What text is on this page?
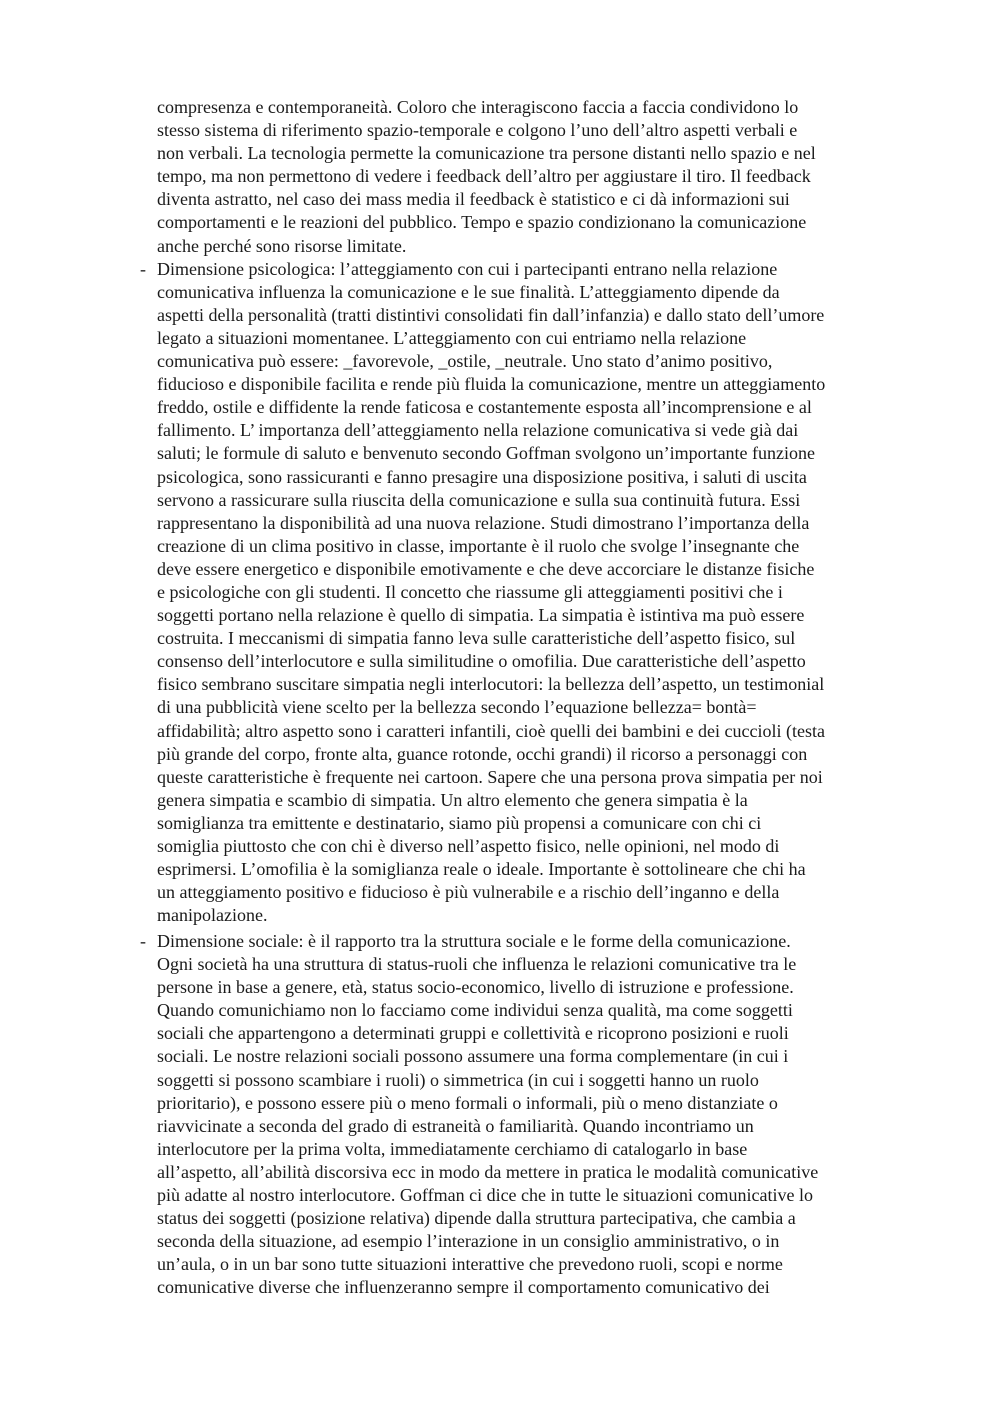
compresenza e contemporaneità. Coloro che interagiscono faccia a faccia condividono lo
stesso sistema di riferimento spazio-temporale e colgono l’uno dell’altro aspetti verbali e
non verbali. La tecnologia permette la comunicazione tra persone distanti nello spazio e nel
tempo, ma non permettono di vedere i feedback dell’altro per aggiustare il tiro. Il feedback
diventa astratto, nel caso dei mass media il feedback è statistico e ci dà informazioni sui
comportamenti e le reazioni del pubblico. Tempo e spazio condizionano la comunicazione
anche perché sono risorse limitate.
- Dimensione psicologica: l’atteggiamento con cui i partecipanti entrano nella relazione
comunicativa influenza la comunicazione e le sue finalità. L’atteggiamento dipende da
aspetti della personalità (tratti distintivi consolidati fin dall’infanzia) e dallo stato dell’umore
legato a situazioni momentanee. L’atteggiamento con cui entriamo nella relazione
comunicativa può essere: _favorevole, _ostile, _neutrale. Uno stato d’animo positivo,
fiducioso e disponibile facilita e rende più fluida la comunicazione, mentre un atteggiamento
freddo, ostile e diffidente la rende faticosa e costantemente esposta all’incomprensione e al
fallimento. L’ importanza dell’atteggiamento nella relazione comunicativa si vede già dai
saluti; le formule di saluto e benvenuto secondo Goffman svolgono un’importante funzione
psicologica, sono rassicuranti e fanno presagire una disposizione positiva, i saluti di uscita
servono a rassicurare sulla riuscita della comunicazione e sulla sua continuità futura. Essi
rappresentano la disponibilità ad una nuova relazione. Studi dimostrano l’importanza della
creazione di un clima positivo in classe, importante è il ruolo che svolge l’insegnante che
deve essere energetico e disponibile emotivamente e che deve accorciare le distanze fisiche
e psicologiche con gli studenti. Il concetto che riassume gli atteggiamenti positivi che i
soggetti portano nella relazione è quello di simpatia. La simpatia è istintiva ma può essere
costruita. I meccanismi di simpatia fanno leva sulle caratteristiche dell’aspetto fisico, sul
consenso dell’interlocutore e sulla similitudine o omofilia. Due caratteristiche dell’aspetto
fisico sembrano suscitare simpatia negli interlocutori: la bellezza dell’aspetto, un testimonial
di una pubblicità viene scelto per la bellezza secondo l’equazione bellezza= bontà=
affidabilità; altro aspetto sono i caratteri infantili, cioè quelli dei bambini e dei cuccioli (testa
più grande del corpo, fronte alta, guance rotonde, occhi grandi) il ricorso a personaggi con
queste caratteristiche è frequente nei cartoon. Sapere che una persona prova simpatia per noi
genera simpatia e scambio di simpatia. Un altro elemento che genera simpatia è la
somiglianza tra emittente e destinatario, siamo più propensi a comunicare con chi ci
somiglia piuttosto che con chi è diverso nell’aspetto fisico, nelle opinioni, nel modo di
esprimersi. L’omofilia è la somiglianza reale o ideale. Importante è sottolineare che chi ha
un atteggiamento positivo e fiducioso è più vulnerabile e a rischio dell’inganno e della
manipolazione.
- Dimensione sociale: è il rapporto tra la struttura sociale e le forme della comunicazione.
Ogni società ha una struttura di status-ruoli che influenza le relazioni comunicative tra le
persone in base a genere, età, status socio-economico, livello di istruzione e professione.
Quando comunichiamo non lo facciamo come individui senza qualità, ma come soggetti
sociali che appartengono a determinati gruppi e collettività e ricoprono posizioni e ruoli
sociali. Le nostre relazioni sociali possono assumere una forma complementare (in cui i
soggetti si possono scambiare i ruoli) o simmetrica (in cui i soggetti hanno un ruolo
prioritario), e possono essere più o meno formali o informali, più o meno distanziate o
riavvicinate a seconda del grado di estraneità o familiarità. Quando incontriamo un
interlocutore per la prima volta, immediatamente cerchiamo di catalogarlo in base
all’aspetto, all’abilità discorsiva ecc in modo da mettere in pratica le modalità comunicative
più adatte al nostro interlocutore. Goffman ci dice che in tutte le situazioni comunicative lo
status dei soggetti (posizione relativa) dipende dalla struttura partecipativa, che cambia a
seconda della situazione, ad esempio l’interazione in un consiglio amministrativo, o in
un’aula, o in un bar sono tutte situazioni interattive che prevedono ruoli, scopi e norme
comunicative diverse che influenzeranno sempre il comportamento comunicativo dei
